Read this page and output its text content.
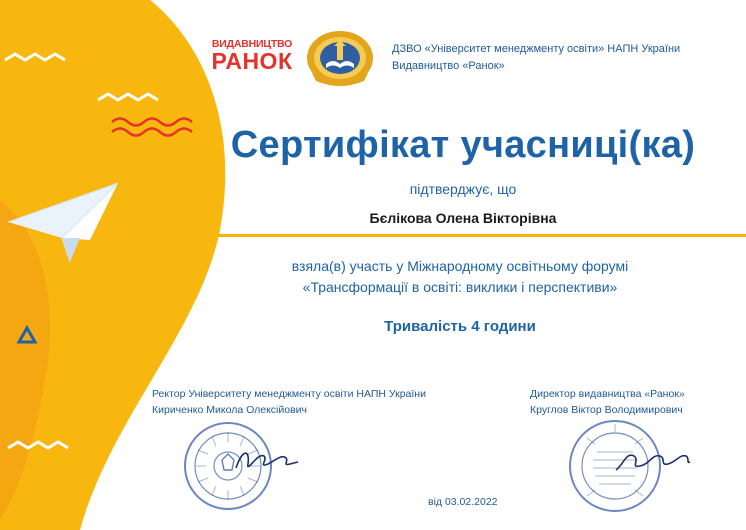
ВИДАВНИЦТВО
РАНОК	ДЗВО «Університет менеджменту освіти» НАПН України
Видавництво «Ранок»
Сертифікат учасниці(ка)
підтверджує, що
Бєлікова Олена Вікторівна
взяла(в) участь у Міжнародному освітньому форумі
«Трансформації в освіті: виклики і перспективи»
Тривалість 4 години
Ректор Університету менеджменту освіти НАПН України
Кириченко Микола Олексійович
Директор видавництва «Ранок»
Круглов Віктор Володимирович
від 03.02.2022
